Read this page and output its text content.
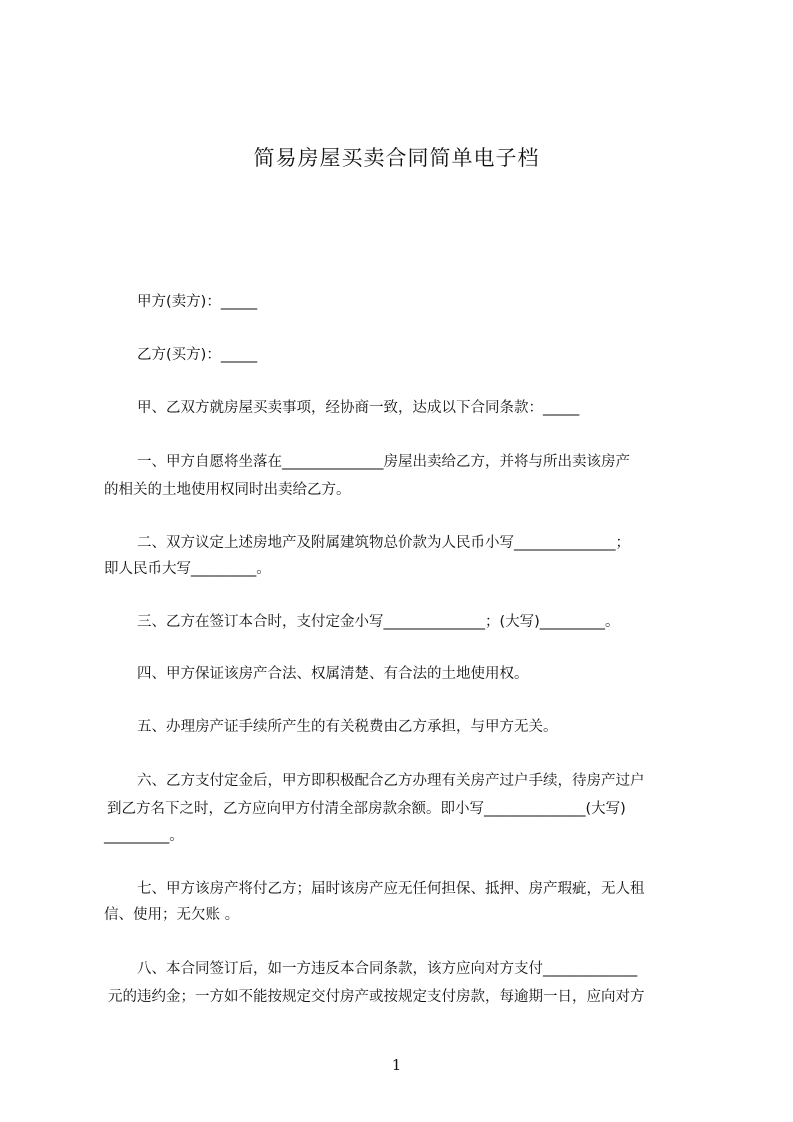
简易房屋买卖合同简单电子档
甲方(卖方)：_____
乙方(买方)：_____
甲、乙双方就房屋买卖事项，经协商一致，达成以下合同条款：_____
一、甲方自愿将坐落在______________房屋出卖给乙方，并将与所出卖该房产
的相关的土地使用权同时出卖给乙方。
二、双方议定上述房地产及附属建筑物总价款为人民币小写______________；
即人民币大写_________。
三、乙方在签订本合时，支付定金小写______________；(大写)_________。
四、甲方保证该房产合法、权属清楚、有合法的土地使用权。
五、办理房产证手续所产生的有关税费由乙方承担，与甲方无关。
六、乙方支付定金后，甲方即积极配合乙方办理有关房产过户手续，待房产过户
到乙方名下之时，乙方应向甲方付清全部房款余额。即小写______________(大写)
_________。
七、甲方该房产将付乙方；届时该房产应无任何担保、抵押、房产瑕疵，无人租
信、使用；无欠账 。
八、本合同签订后，如一方违反本合同条款，该方应向对方支付_____________
元的违约金；一方如不能按规定交付房产或按规定支付房款，每逾期一日，应向对方
1
